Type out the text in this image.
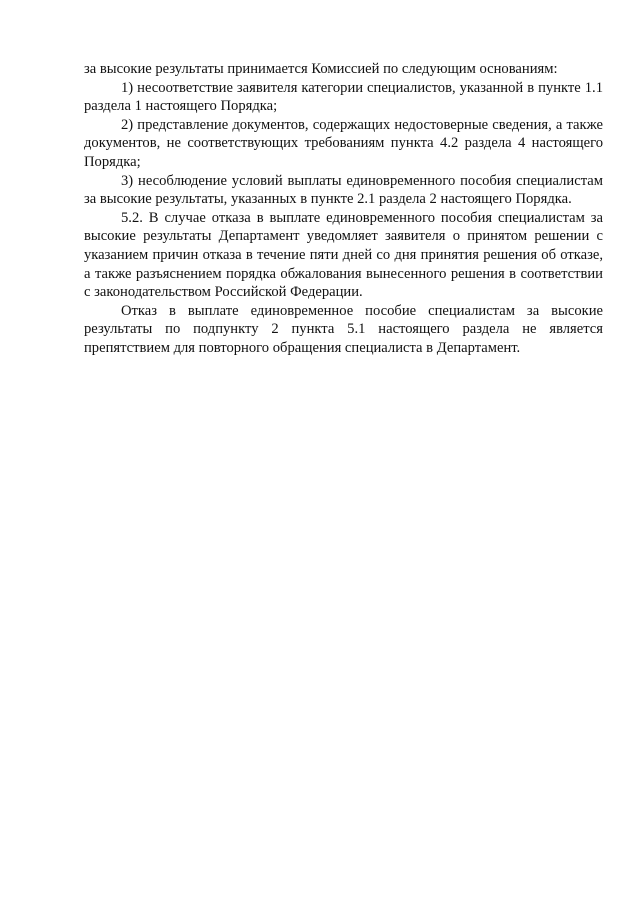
за высокие результаты принимается Комиссией по следующим основаниям:

1) несоответствие заявителя категории специалистов, указанной в пункте 1.1 раздела 1 настоящего Порядка;

2) представление документов, содержащих недостоверные сведения, а также документов, не соответствующих требованиям пункта 4.2 раздела 4 настоящего Порядка;

3) несоблюдение условий выплаты единовременного пособия специалистам за высокие результаты, указанных в пункте 2.1 раздела 2 настоящего Порядка.

5.2. В случае отказа в выплате единовременного пособия специалистам за высокие результаты Департамент уведомляет заявителя о принятом решении с указанием причин отказа в течение пяти дней со дня принятия решения об отказе, а также разъяснением порядка обжалования вынесенного решения в соответствии с законодательством Российской Федерации.

Отказ в выплате единовременное пособие специалистам за высокие результаты по подпункту 2 пункта 5.1 настоящего раздела не является препятствием для повторного обращения специалиста в Департамент.
